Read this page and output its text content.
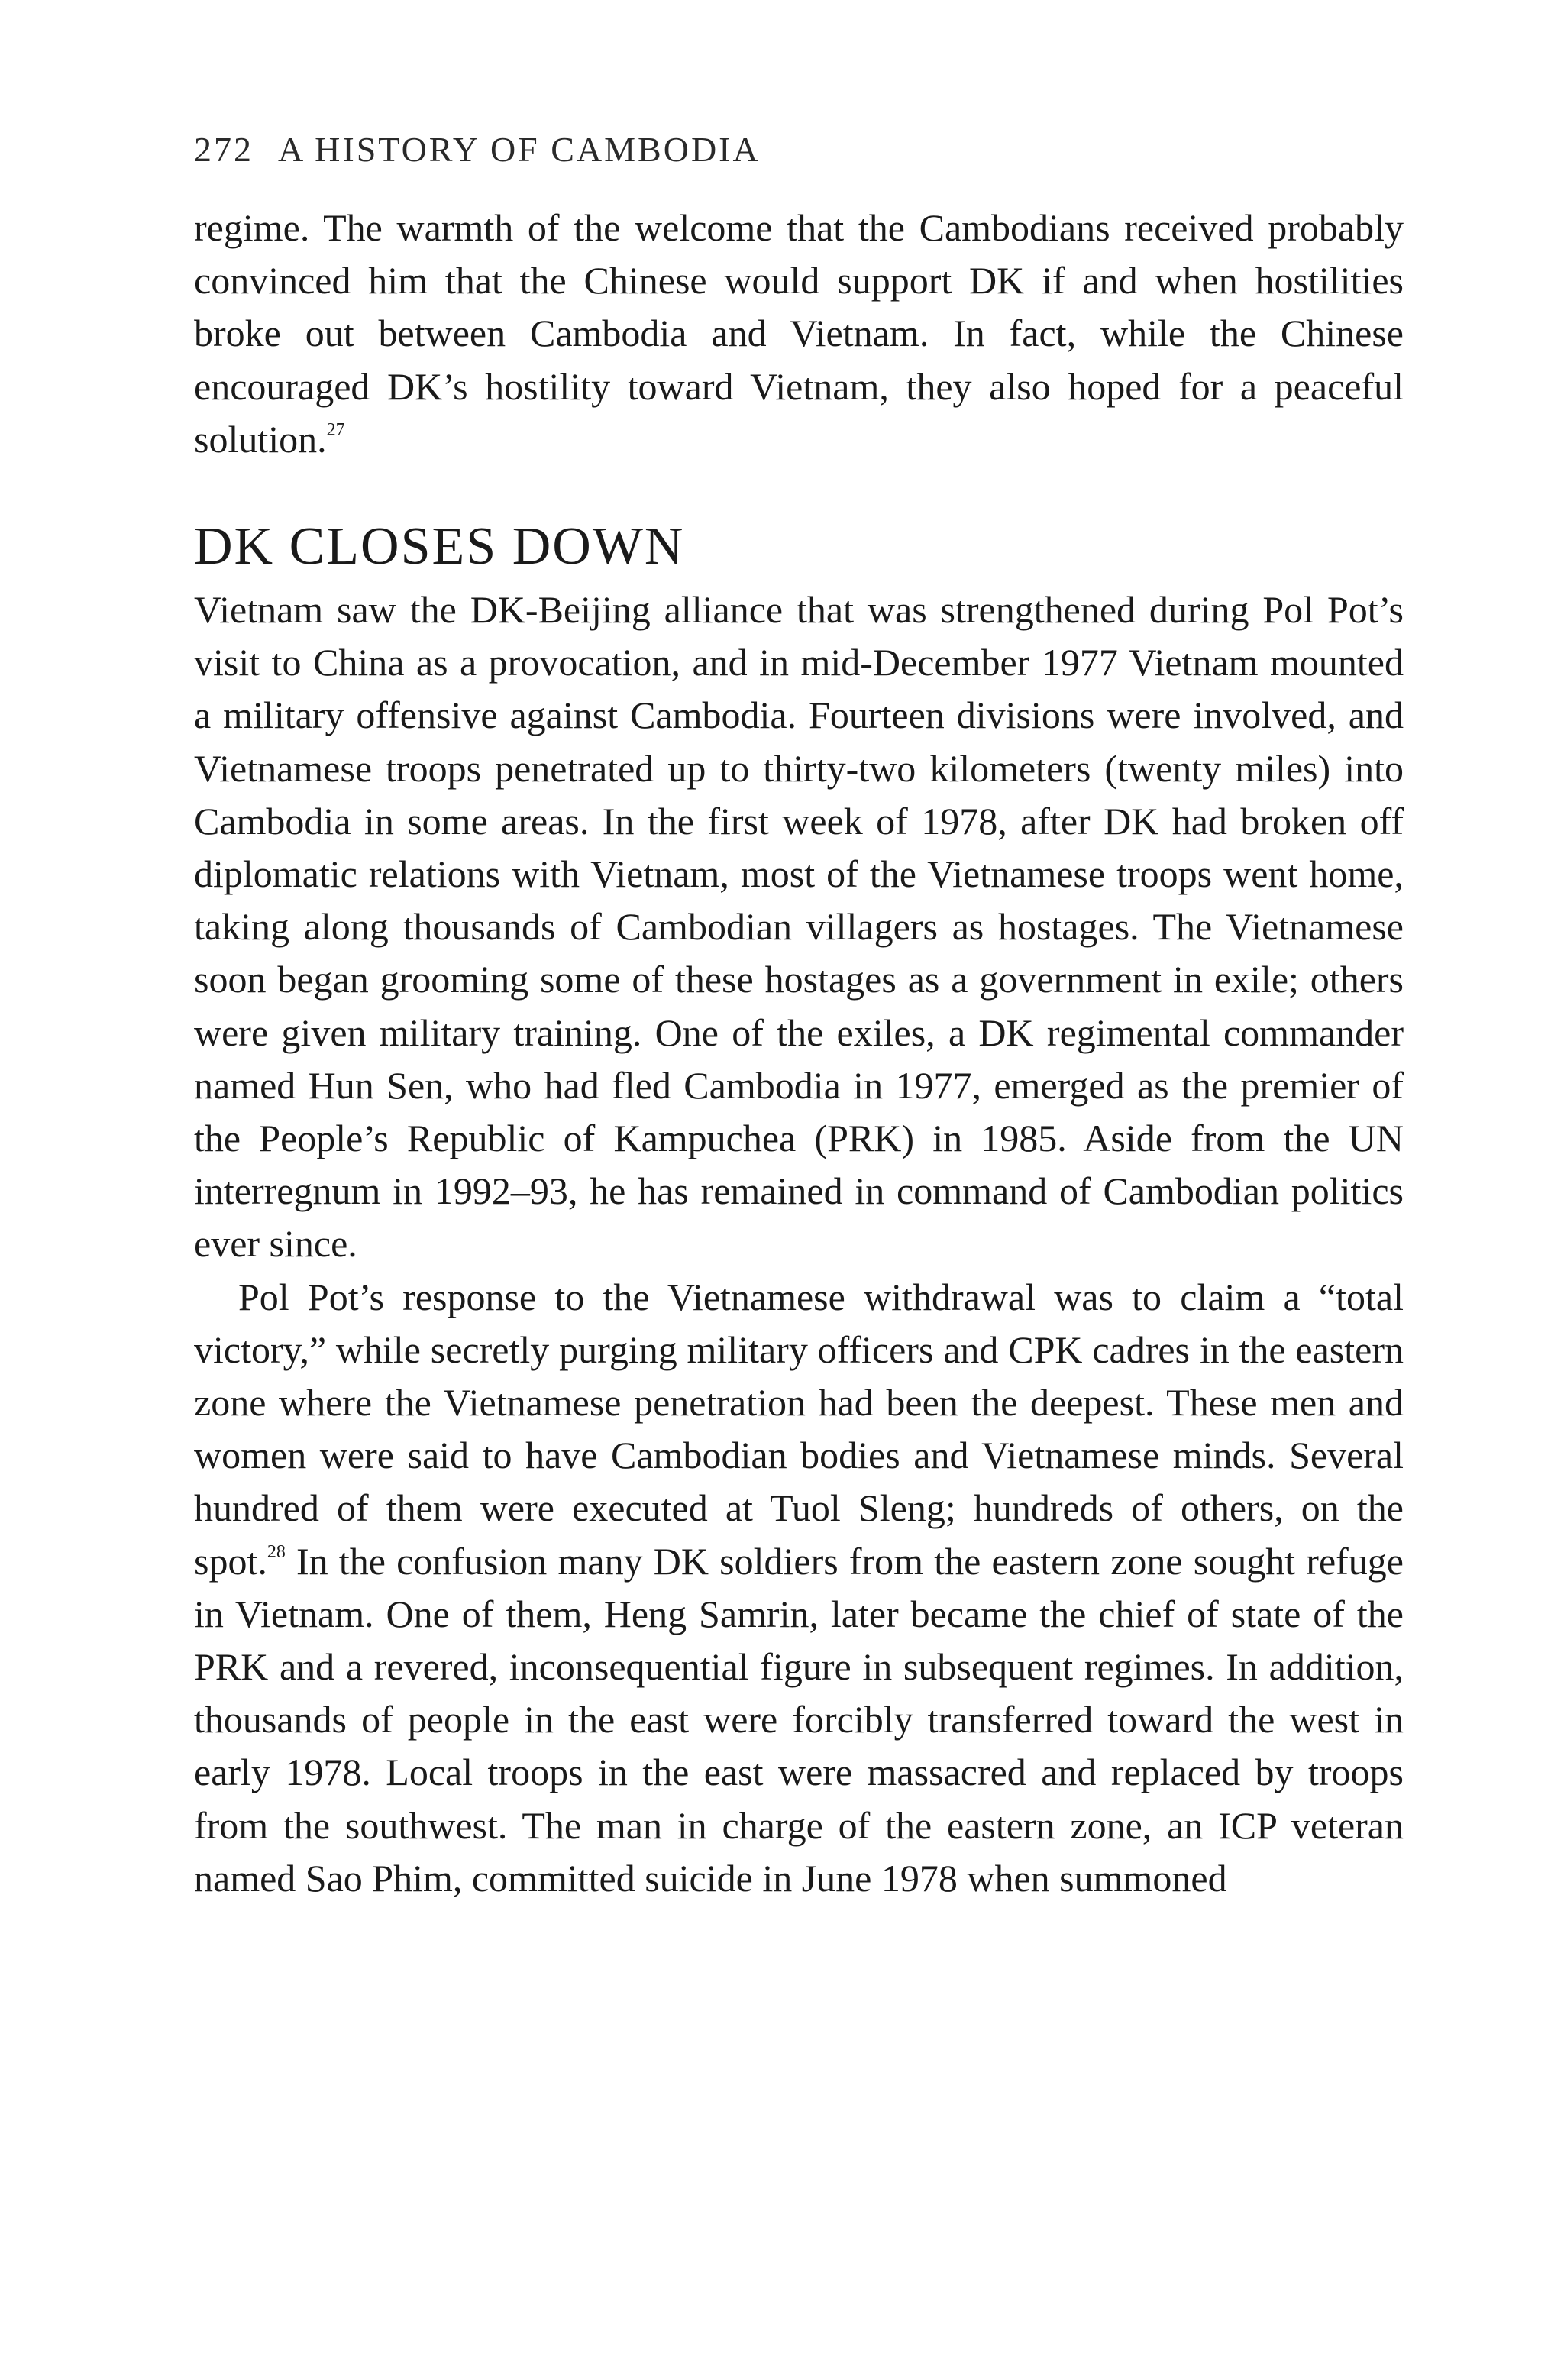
272 A HISTORY OF CAMBODIA

regime. The warmth of the welcome that the Cambodians received probably convinced him that the Chinese would support DK if and when hostilities broke out between Cambodia and Vietnam. In fact, while the Chinese encouraged DK’s hostility toward Vietnam, they also hoped for a peaceful solution.$^{27}$

DK CLOSES DOWN

Vietnam saw the DK-Beijing alliance that was strengthened during Pol Pot’s visit to China as a provocation, and in mid-December 1977 Vietnam mounted a military offensive against Cambodia. Fourteen divisions were involved, and Vietnamese troops penetrated up to thirty-two kilometers (twenty miles) into Cambodia in some areas. In the first week of 1978, after DK had broken off diplomatic relations with Vietnam, most of the Vietnamese troops went home, taking along thousands of Cambodian villagers as hostages. The Vietnamese soon began grooming some of these hostages as a government in exile; others were given military training. One of the exiles, a DK regimental commander named Hun Sen, who had fled Cambodia in 1977, emerged as the premier of the People’s Republic of Kampuchea (PRK) in 1985. Aside from the UN interregnum in 1992–93, he has remained in command of Cambodian politics ever since.

Pol Pot’s response to the Vietnamese withdrawal was to claim a “total victory,” while secretly purging military officers and CPK cadres in the eastern zone where the Vietnamese penetration had been the deepest. These men and women were said to have Cambodian bodies and Vietnamese minds. Several hundred of them were executed at Tuol Sleng; hundreds of others, on the spot.$^{28}$ In the confusion many DK soldiers from the eastern zone sought refuge in Vietnam. One of them, Heng Samrin, later became the chief of state of the PRK and a revered, inconsequential figure in subsequent regimes. In addition, thousands of people in the east were forcibly transferred toward the west in early 1978. Local troops in the east were massacred and replaced by troops from the southwest. The man in charge of the eastern zone, an ICP veteran named Sao Phim, committed suicide in June 1978 when summoned
